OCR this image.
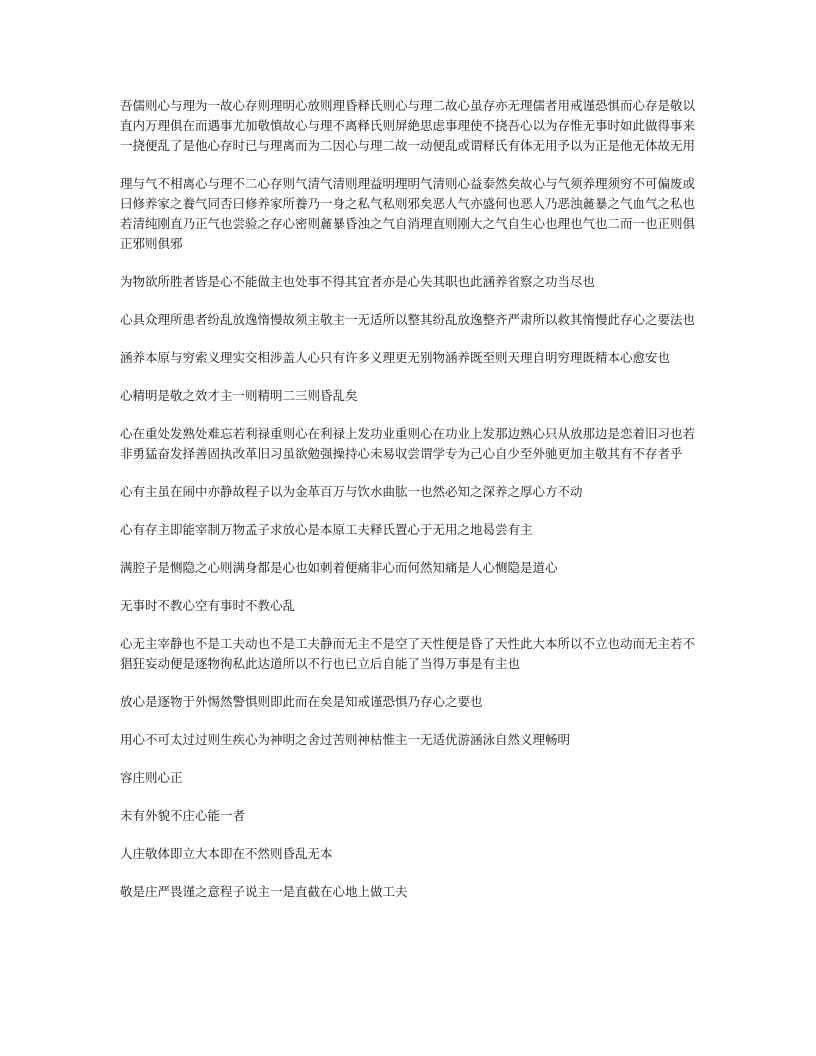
吾儒则心与理为一故心存则理明心放则理昏释氏则心与理二故心虽存亦无理儒者用戒谨恐惧而心存是敬以直内万理俱在而遇事尤加敬慎故心与理不离释氏则屏絶思虑事理使不挠吾心以为存惟无事时如此做得事来一挠便乱了是他心存时已与理离而为二因心与理二故一动便乱或谓释氏有体无用予以为正是他无体故无用

理与气不相离心与理不二心存则气清气清则理益明理明气清则心益泰然矣故心与气须养理须穷不可偏废或曰修养家之養气同否曰修养家所養乃一身之私气私则邪矣恶人气亦盛何也恶人乃恶浊麄暴之气血气之私也若清纯刚直乃正气也尝验之存心密则麄暴昏浊之气自消理直则刚大之气自生心也理也气也二而一也正则俱正邪则俱邪

为物欲所胜者皆是心不能做主也处事不得其宜者亦是心失其职也此涵养省察之功当尽也

心具众理所患者纷乱放逸惰慢故须主敬主一无适所以整其纷乱放逸整齐严肃所以救其惰慢此存心之要法也

涵养本原与穷索义理实交相涉盖人心只有许多义理更无别物涵养既至则天理自明穷理既精本心愈安也

心精明是敬之效才主一则精明二三则昏乱矣

心在重处发熟处难忘若利禄重则心在利禄上发功业重则心在功业上发那边熟心只从放那边是恋着旧习也若非勇猛奋发择善固执改革旧习虽欲勉强操持心未易収尝谓学专为己心自少至外驰更加主敬其有不存者乎

心有主虽在闹中亦静故程子以为金革百万与饮水曲肱一也然必知之深养之厚心方不动

心有存主即能宰制万物孟子求放心是本原工夫释氏置心于无用之地曷尝有主

满腔子是恻隐之心则满身都是心也如刺着便痛非心而何然知痛是人心恻隐是道心

无事时不教心空有事时不教心乱

心无主宰静也不是工夫动也不是工夫静而无主不是空了天性便是昏了天性此大本所以不立也动而无主若不猖狂妄动便是逐物徇私此达道所以不行也已立后自能了当得万事是有主也

放心是逐物于外惕然警惧则即此而在矣是知戒谨恐惧乃存心之要也

用心不可太过过则生疾心为神明之舍过苦则神枯惟主一无适优游涵泳自然义理畅明

容庄则心正

未有外貌不庄心能一者

人庄敬体即立大本即在不然则昏乱无本

敬是庄严畏谨之意程子说主一是直截在心地上做工夫
